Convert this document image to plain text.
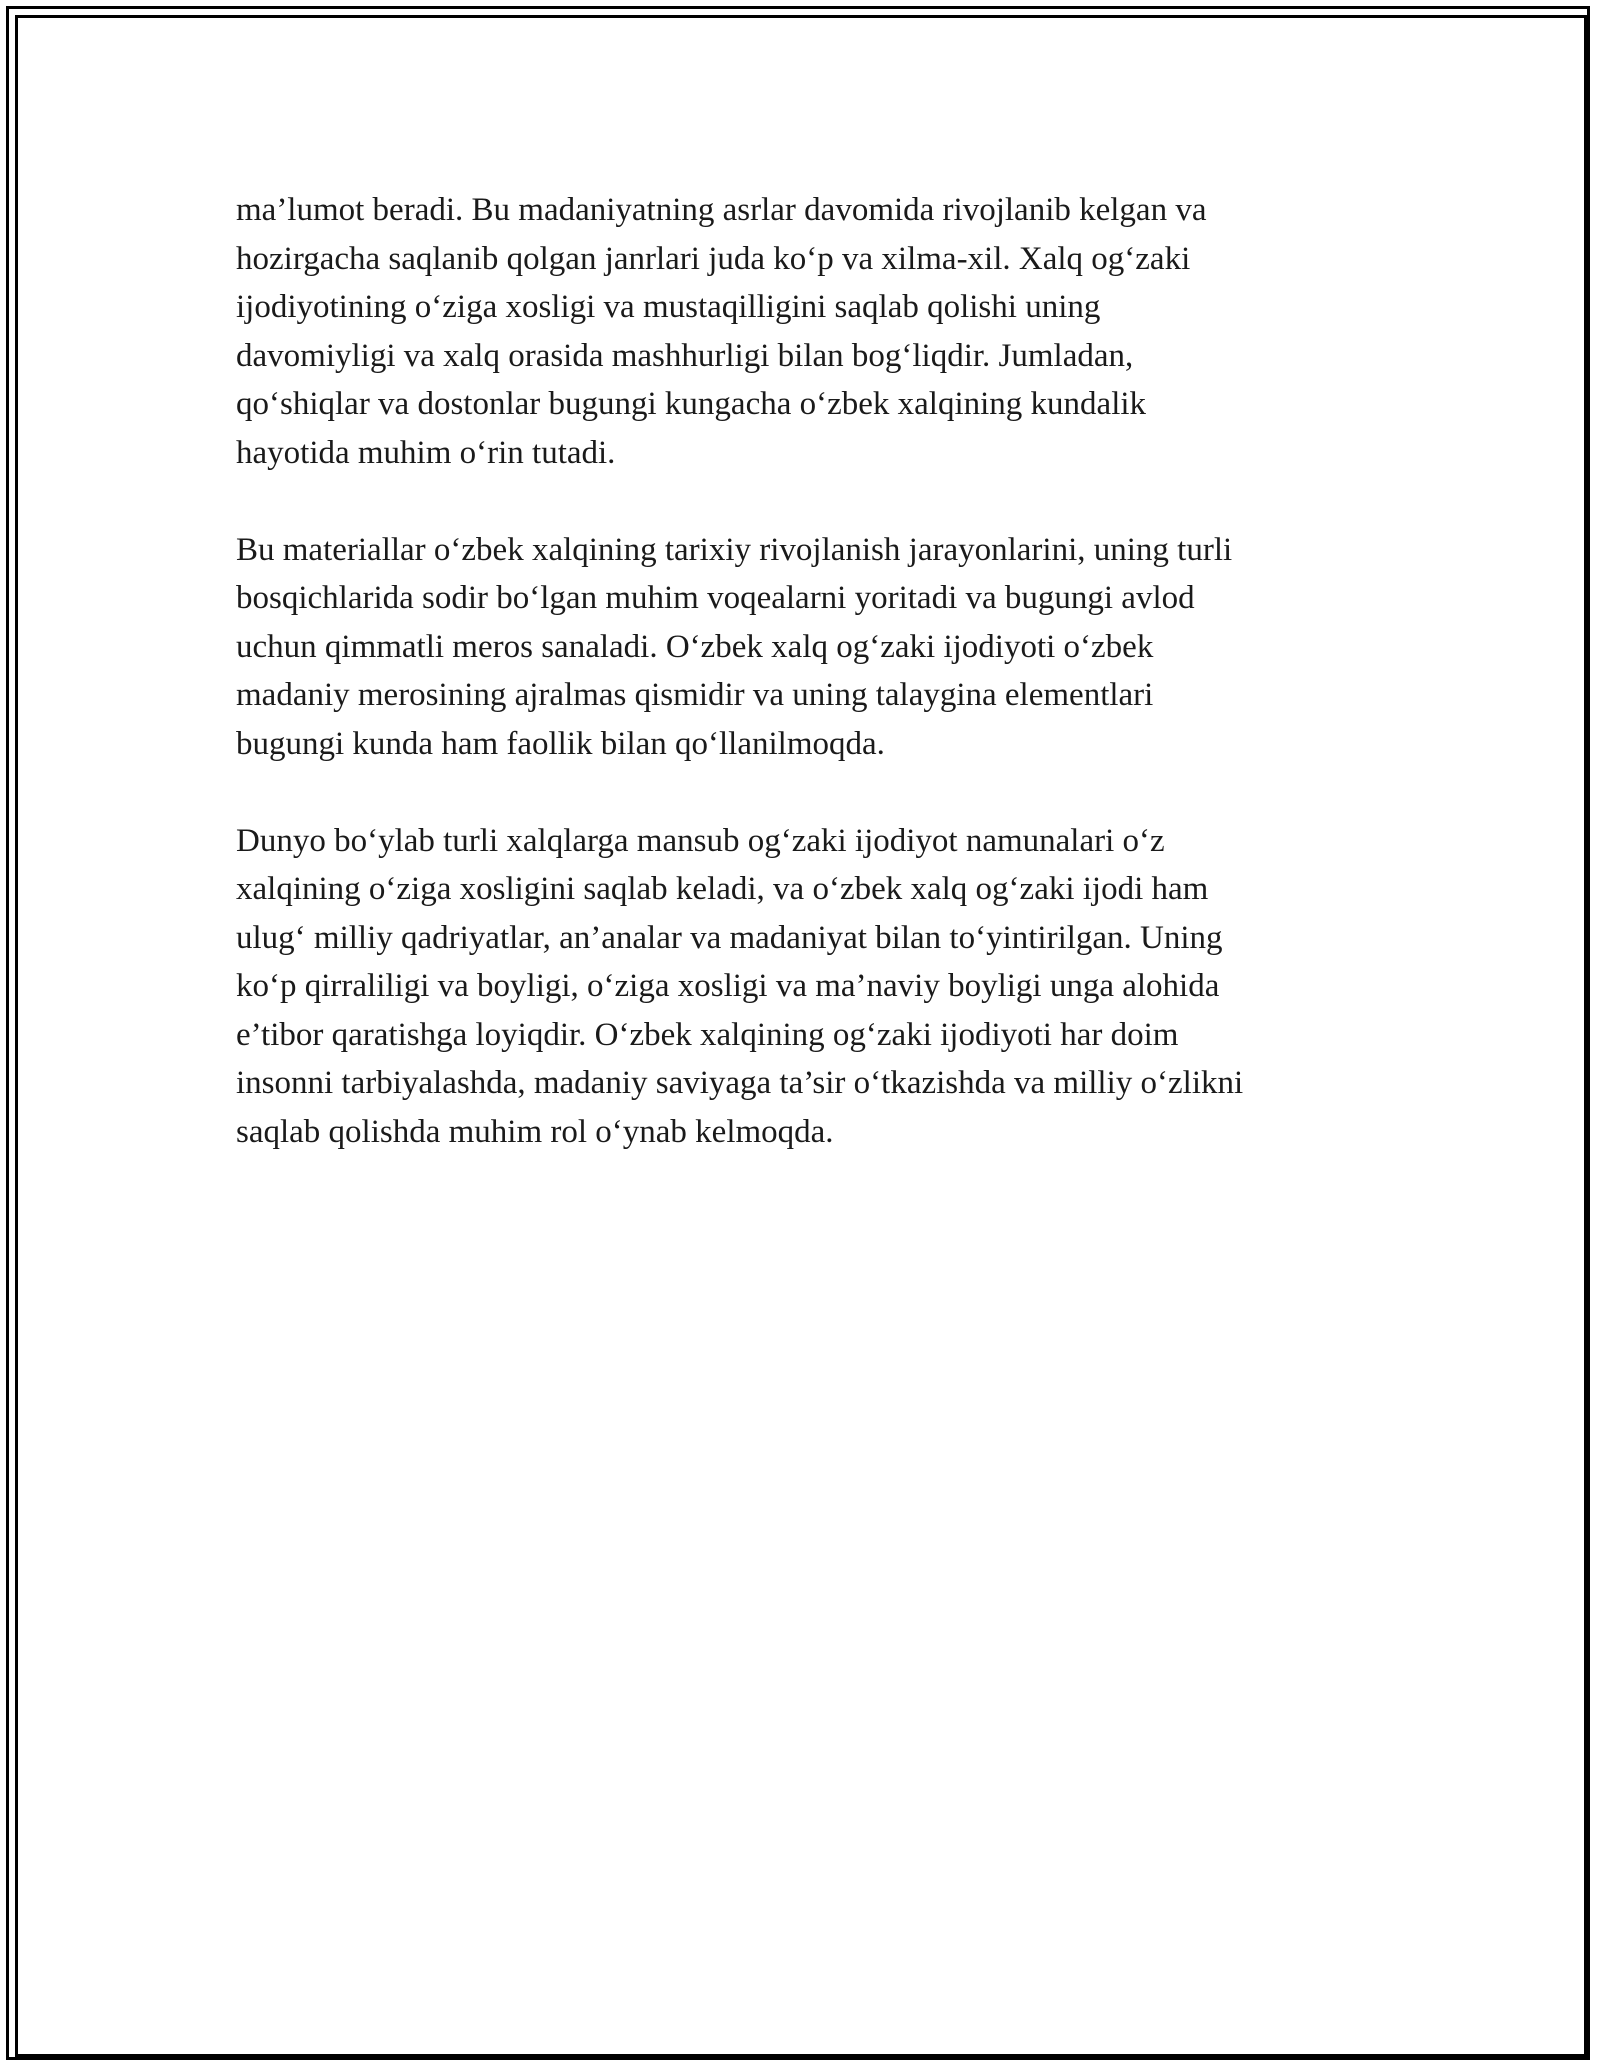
ma’lumot beradi. Bu madaniyatning asrlar davomida rivojlanib kelgan va
hozirgacha saqlanib qolgan janrlari juda ko‘p va xilma-xil. Xalq og‘zaki
ijodiyotining o‘ziga xosligi va mustaqilligini saqlab qolishi uning
davomiyligi va xalq orasida mashhurligi bilan bog‘liqdir. Jumladan,
qo‘shiqlar va dostonlar bugungi kungacha o‘zbek xalqining kundalik
hayotida muhim o‘rin tutadi.

Bu materiallar o‘zbek xalqining tarixiy rivojlanish jarayonlarini, uning turli
bosqichlarida sodir bo‘lgan muhim voqealarni yoritadi va bugungi avlod
uchun qimmatli meros sanaladi. O‘zbek xalq og‘zaki ijodiyoti o‘zbek
madaniy merosining ajralmas qismidir va uning talaygina elementlari
bugungi kunda ham faollik bilan qo‘llanilmoqda.

Dunyo bo‘ylab turli xalqlarga mansub og‘zaki ijodiyot namunalari o‘z
xalqining o‘ziga xosligini saqlab keladi, va o‘zbek xalq og‘zaki ijodi ham
ulug‘ milliy qadriyatlar, an’analar va madaniyat bilan to‘yintirilgan. Uning
ko‘p qirraliligi va boyligi, o‘ziga xosligi va ma’naviy boyligi unga alohida
e’tibor qaratishga loyiqdir. O‘zbek xalqining og‘zaki ijodiyoti har doim
insonni tarbiyalashda, madaniy saviyaga ta’sir o‘tkazishda va milliy o‘zlikni
saqlab qolishda muhim rol o‘ynab kelmoqda.
